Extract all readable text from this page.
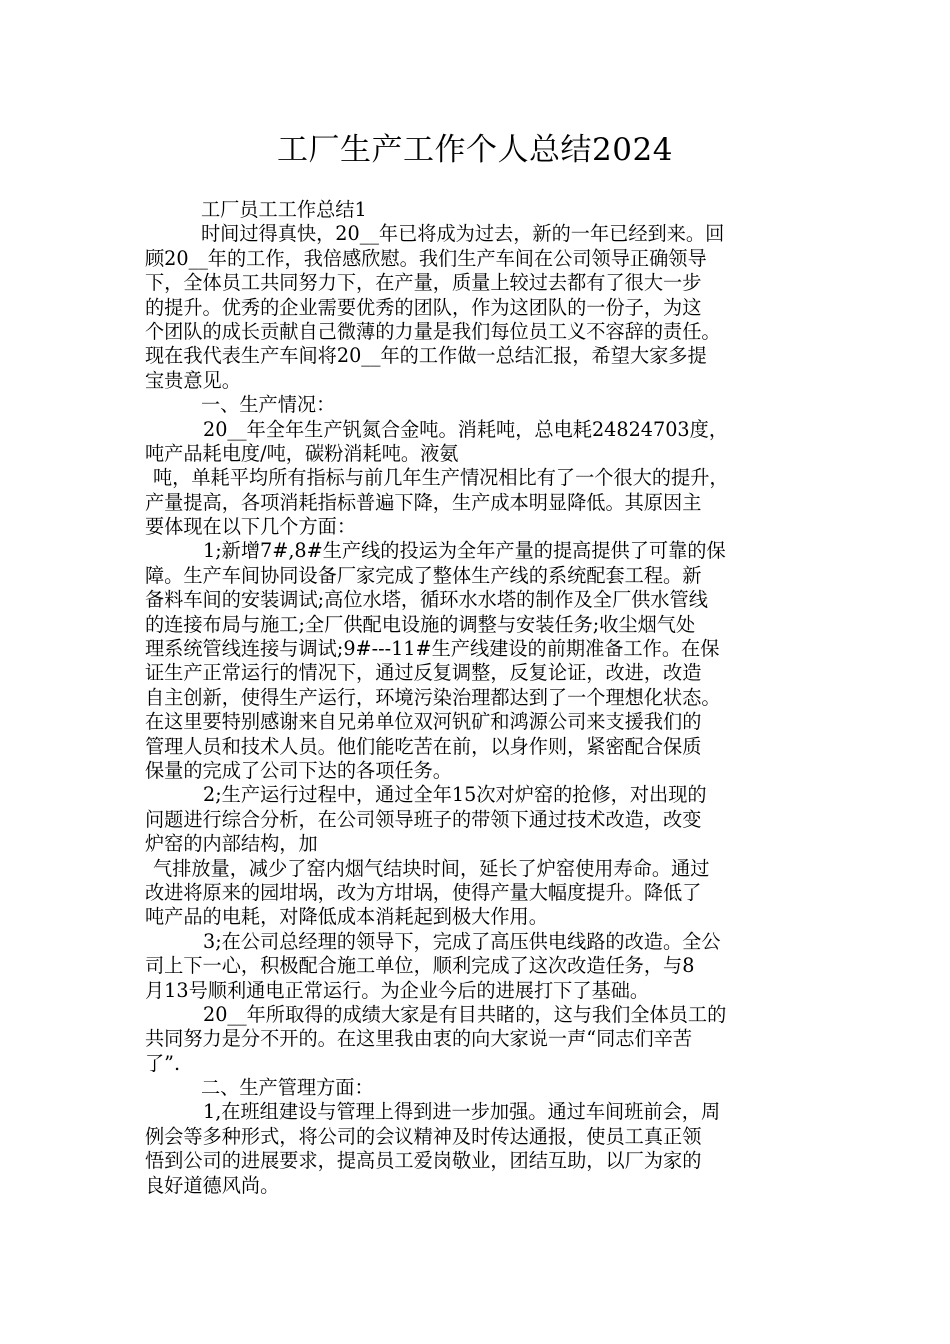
工厂生产工作个人总结2024
工厂员工工作总结1
时间过得真快，20__年已将成为过去，新的一年已经到来。回
顾20__年的工作，我倍感欣慰。我们生产车间在公司领导正确领导
下，全体员工共同努力下，在产量，质量上较过去都有了很大一步
的提升。优秀的企业需要优秀的团队，作为这团队的一份子，为这
个团队的成长贡献自己微薄的力量是我们每位员工义不容辞的责任。
现在我代表生产车间将20__年的工作做一总结汇报，希望大家多提
宝贵意见。
一、生产情况：
20__年全年生产钒氮合金吨。消耗吨，总电耗24824703度，
吨产品耗电度/吨，碳粉消耗吨。液氨
吨，单耗平均所有指标与前几年生产情况相比有了一个很大的提升，
产量提高，各项消耗指标普遍下降，生产成本明显降低。其原因主
要体现在以下几个方面：
1;新增7#,8#生产线的投运为全年产量的提高提供了可靠的保
障。生产车间协同设备厂家完成了整体生产线的系统配套工程。新
备料车间的安装调试;高位水塔，循环水水塔的制作及全厂供水管线
的连接布局与施工;全厂供配电设施的调整与安装任务;收尘烟气处
理系统管线连接与调试;9#---11#生产线建设的前期准备工作。在保
证生产正常运行的情况下，通过反复调整，反复论证，改进，改造
自主创新，使得生产运行，环境污染治理都达到了一个理想化状态。
在这里要特别感谢来自兄弟单位双河钒矿和鸿源公司来支援我们的
管理人员和技术人员。他们能吃苦在前，以身作则，紧密配合保质
保量的完成了公司下达的各项任务。
2;生产运行过程中，通过全年15次对炉窑的抢修，对出现的
问题进行综合分析，在公司领导班子的带领下通过技术改造，改变
炉窑的内部结构，加
气排放量，减少了窑内烟气结块时间，延长了炉窑使用寿命。通过
改进将原来的园坩埚，改为方坩埚，使得产量大幅度提升。降低了
吨产品的电耗，对降低成本消耗起到极大作用。
3;在公司总经理的领导下，完成了高压供电线路的改造。全公
司上下一心，积极配合施工单位，顺利完成了这次改造任务，与8
月13号顺利通电正常运行。为企业今后的进展打下了基础。
20__年所取得的成绩大家是有目共睹的，这与我们全体员工的
共同努力是分不开的。在这里我由衷的向大家说一声“同志们辛苦
了”.
二、生产管理方面：
1,在班组建设与管理上得到进一步加强。通过车间班前会，周
例会等多种形式，将公司的会议精神及时传达通报，使员工真正领
悟到公司的进展要求，提高员工爱岗敬业，团结互助，以厂为家的
良好道德风尚。
